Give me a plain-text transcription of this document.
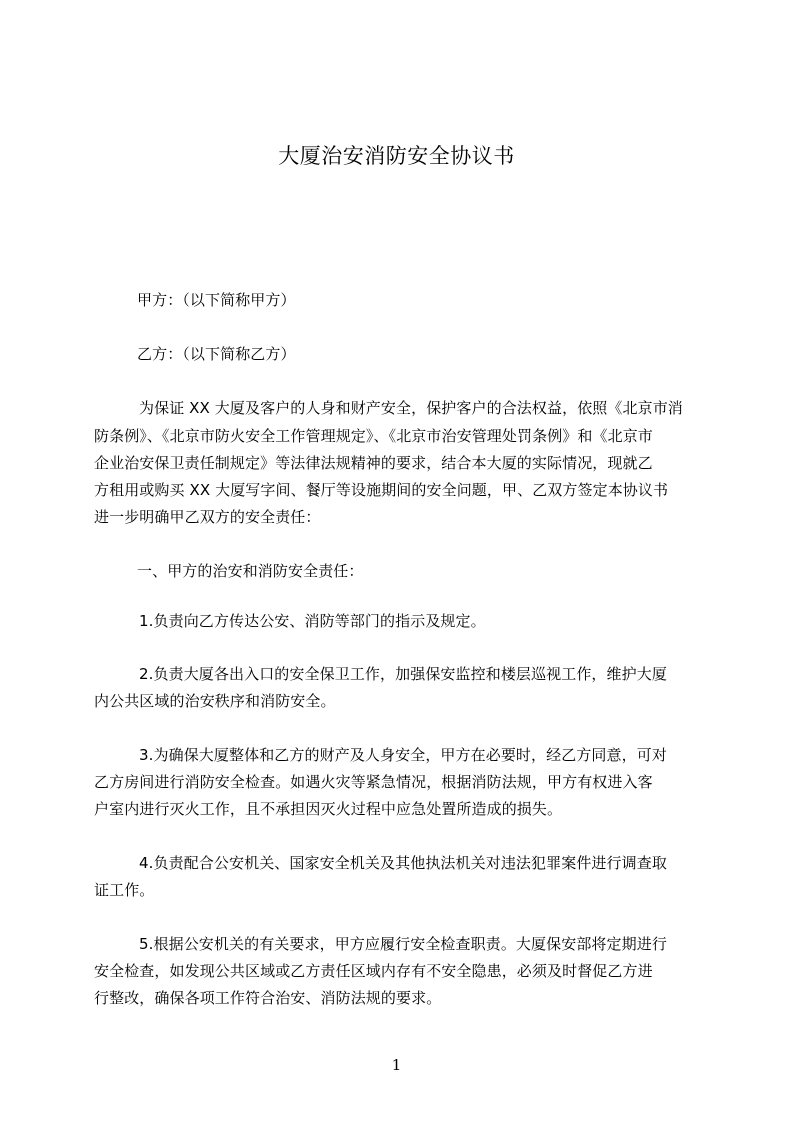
大厦治安消防安全协议书
甲方：（以下简称甲方）
乙方：（以下简称乙方）
为保证 XX 大厦及客户的人身和财产安全，保护客户的合法权益，依照《北京市消
防条例》、《北京市防火安全工作管理规定》、《北京市治安管理处罚条例》和《北京市
企业治安保卫责任制规定》等法律法规精神的要求，结合本大厦的实际情况，现就乙
方租用或购买 XX 大厦写字间、餐厅等设施期间的安全问题，甲、乙双方签定本协议书
进一步明确甲乙双方的安全责任：
一、甲方的治安和消防安全责任：
1.负责向乙方传达公安、消防等部门的指示及规定。
2.负责大厦各出入口的安全保卫工作，加强保安监控和楼层巡视工作，维护大厦
内公共区域的治安秩序和消防安全。
3.为确保大厦整体和乙方的财产及人身安全，甲方在必要时，经乙方同意，可对
乙方房间进行消防安全检查。如遇火灾等紧急情况，根据消防法规，甲方有权进入客
户室内进行灭火工作，且不承担因灭火过程中应急处置所造成的损失。
4.负责配合公安机关、国家安全机关及其他执法机关对违法犯罪案件进行调查取
证工作。
5.根据公安机关的有关要求，甲方应履行安全检查职责。大厦保安部将定期进行
安全检查，如发现公共区域或乙方责任区域内存有不安全隐患，必须及时督促乙方进
行整改，确保各项工作符合治安、消防法规的要求。
1
